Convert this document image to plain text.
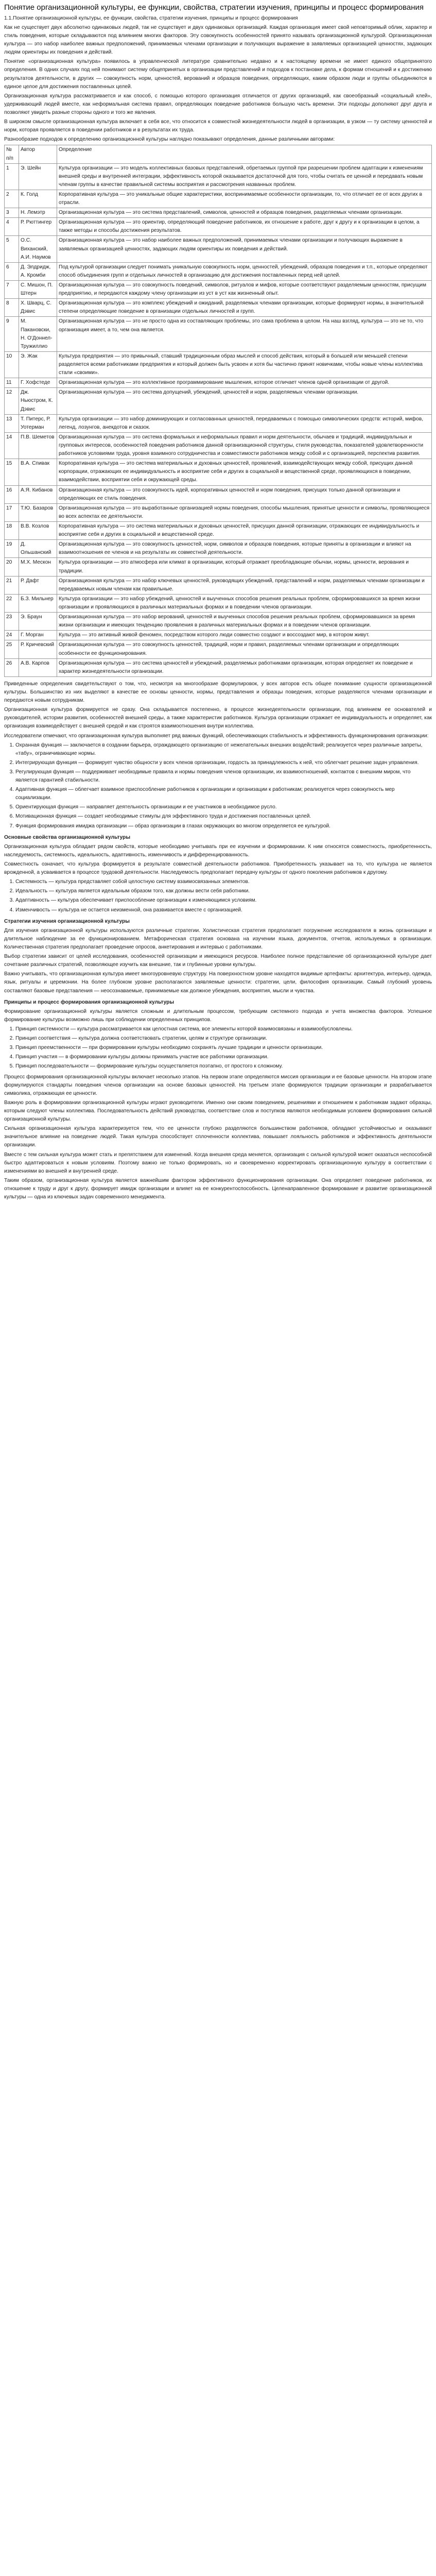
Понятие организационной культуры, ее функции, свойства, стратегии изучения, принципы и процесс формирования

1.1.Понятие организационной культуры, ее функции, свойства, стратегии изучения, принципы и процесс формирования

Как не существует двух абсолютно одинаковых людей, так не существует и двух одинаковых организаций. Каждая организация имеет свой неповторимый облик, характер и стиль поведения, которые складываются под влиянием многих факторов. Эту совокупность особенностей принято называть организационной культурой. Организационная культура — это набор наиболее важных предположений, принимаемых членами организации и получающих выражение в заявляемых организацией ценностях, задающих людям ориентиры их поведения и действий.

Понятие «организационная культура» появилось в управленческой литературе сравнительно недавно и к настоящему времени не имеет единого общепринятого определения. В одних случаях под ней понимают систему общепринятых в организации представлений и подходов к постановке дела, к формам отношений и к достижению результатов деятельности, в других — совокупность норм, ценностей, верований и образцов поведения, определяющих, каким образом люди и группы объединяются в единое целое для достижения поставленных целей.

Организационная культура рассматривается и как способ, с помощью которого организация отличается от других организаций, как своеобразный «социальный клей», удерживающий людей вместе, как неформальная система правил, определяющих поведение работников большую часть времени. Эти подходы дополняют друг друга и позволяют увидеть разные стороны одного и того же явления.

В широком смысле организационная культура включает в себя все, что относится к совместной жизнедеятельности людей в организации, в узком — ту систему ценностей и норм, которая проявляется в поведении работников и в результатах их труда.

Разнообразие подходов к определению организационной культуры наглядно показывают определения, данные различными авторами:

№ п/п	Автор	Определение
1	Э. Шейн	Культура организации — это модель коллективных базовых представлений, обретаемых группой при разрешении проблем адаптации к изменениям внешней среды и внутренней интеграции, эффективность которой оказывается достаточной для того, чтобы считать ее ценной и передавать новым членам группы в качестве правильной системы восприятия и рассмотрения названных проблем.
2	К. Голд	Корпоративная культура — это уникальные общие характеристики, воспринимаемые особенности организации, то, что отличает ее от всех других в отрасли.
3	Н. Лемэтр	Организационная культура — это система представлений, символов, ценностей и образцов поведения, разделяемых членами организации.
4	Р. Рюттингер	Организационная культура — это ориентир, определяющий поведение работников, их отношение к работе, друг к другу и к организации в целом, а также методы и способы достижения результатов.
5	О.С. Виханский, А.И. Наумов	Организационная культура — это набор наиболее важных предположений, принимаемых членами организации и получающих выражение в заявляемых организацией ценностях, задающих людям ориентиры их поведения и действий.
6	Д. Элдридж, А. Кромби	Под культурой организации следует понимать уникальную совокупность норм, ценностей, убеждений, образцов поведения и т.п., которые определяют способ объединения групп и отдельных личностей в организацию для достижения поставленных перед ней целей.
7	С. Мишон, П. Штерн	Организационная культура — это совокупность поведений, символов, ритуалов и мифов, которые соответствуют разделяемым ценностям, присущим предприятию, и передаются каждому члену организации из уст в уст как жизненный опыт.
8	Х. Шварц, С. Дэвис	Организационная культура — это комплекс убеждений и ожиданий, разделяемых членами организации, которые формируют нормы, в значительной степени определяющие поведение в организации отдельных личностей и групп.
9	М. Пакановски, Н. О'Доннел-Тружиллио	Организационная культура — это не просто одна из составляющих проблемы, это сама проблема в целом. На наш взгляд, культура — это не то, что организация имеет, а то, чем она является.
10	Э. Жак	Культура предприятия — это привычный, ставший традиционным образ мыслей и способ действия, который в большей или меньшей степени разделяется всеми работниками предприятия и который должен быть усвоен и хотя бы частично принят новичками, чтобы новые члены коллектива стали «своими».
11	Г. Хофстеде	Организационная культура — это коллективное программирование мышления, которое отличает членов одной организации от другой.
12	Дж. Ньюстром, К. Дэвис	Организационная культура — это система допущений, убеждений, ценностей и норм, разделяемых членами организации.
13	Т. Питерс, Р. Уотерман	Культура организации — это набор доминирующих и согласованных ценностей, передаваемых с помощью символических средств: историй, мифов, легенд, лозунгов, анекдотов и сказок.
14	П.В. Шеметов	Организационная культура — это система формальных и неформальных правил и норм деятельности, обычаев и традиций, индивидуальных и групповых интересов, особенностей поведения работников данной организационной структуры, стиля руководства, показателей удовлетворенности работников условиями труда, уровня взаимного сотрудничества и совместимости работников между собой и с организацией, перспектив развития.
15	В.А. Спивак	Корпоративная культура — это система материальных и духовных ценностей, проявлений, взаимодействующих между собой, присущих данной корпорации, отражающих ее индивидуальность и восприятие себя и других в социальной и вещественной среде, проявляющихся в поведении, взаимодействии, восприятии себя и окружающей среды.
16	А.Я. Кибанов	Организационная культура — это совокупность идей, корпоративных ценностей и норм поведения, присущих только данной организации и определяющих ее стиль поведения.
17	Т.Ю. Базаров	Организационная культура — это выработанные организацией нормы поведения, способы мышления, принятые ценности и символы, проявляющиеся во всех аспектах ее деятельности.
18	В.В. Козлов	Корпоративная культура — это система материальных и духовных ценностей, присущих данной организации, отражающих ее индивидуальность и восприятие себя и других в социальной и вещественной среде.
19	Д. Ольшанский	Организационная культура — это совокупность ценностей, норм, символов и образцов поведения, которые приняты в организации и влияют на взаимоотношения ее членов и на результаты их совместной деятельности.
20	М.Х. Мескон	Культура организации — это атмосфера или климат в организации, который отражает преобладающие обычаи, нормы, ценности, верования и традиции.
21	Р. Дафт	Организационная культура — это набор ключевых ценностей, руководящих убеждений, представлений и норм, разделяемых членами организации и передаваемых новым членам как правильные.
22	Б.З. Мильнер	Культура организации — это набор убеждений, ценностей и выученных способов решения реальных проблем, сформировавшихся за время жизни организации и проявляющихся в различных материальных формах и в поведении членов организации.
23	Э. Браун	Организационная культура — это набор верований, ценностей и выученных способов решения реальных проблем, сформировавшихся за время жизни организации и имеющих тенденцию проявления в различных материальных формах и в поведении членов организации.
24	Г. Морган	Культура — это активный живой феномен, посредством которого люди совместно создают и воссоздают мир, в котором живут.
25	Р. Кричевский	Организационная культура — это совокупность ценностей, традиций, норм и правил, разделяемых членами организации и определяющих особенности ее функционирования.
26	А.В. Карпов	Организационная культура — это система ценностей и убеждений, разделяемых работниками организации, которая определяет их поведение и характер жизнедеятельности организации.

Приведенные определения свидетельствуют о том, что, несмотря на многообразие формулировок, у всех авторов есть общее понимание сущности организационной культуры. Большинство из них выделяют в качестве ее основы ценности, нормы, представления и образцы поведения, которые разделяются членами организации и передаются новым сотрудникам.

Организационная культура формируется не сразу. Она складывается постепенно, в процессе жизнедеятельности организации, под влиянием ее основателей и руководителей, истории развития, особенностей внешней среды, а также характеристик работников. Культура организации отражает ее индивидуальность и определяет, как организация взаимодействует с внешней средой и как строятся взаимоотношения внутри коллектива.

Исследователи отмечают, что организационная культура выполняет ряд важных функций, обеспечивающих стабильность и эффективность функционирования организации:

1. Охранная функция — заключается в создании барьера, ограждающего организацию от нежелательных внешних воздействий; реализуется через различные запреты, «табу», ограничивающие нормы.
2. Интегрирующая функция — формирует чувство общности у всех членов организации, гордость за принадлежность к ней, что облегчает решение задач управления.
3. Регулирующая функция — поддерживает необходимые правила и нормы поведения членов организации, их взаимоотношений, контактов с внешним миром, что является гарантией стабильности.
4. Адаптивная функция — облегчает взаимное приспособление работников к организации и организации к работникам; реализуется через совокупность мер социализации.
5. Ориентирующая функция — направляет деятельность организации и ее участников в необходимое русло.
6. Мотивационная функция — создает необходимые стимулы для эффективного труда и достижения поставленных целей.
7. Функция формирования имиджа организации — образ организации в глазах окружающих во многом определяется ее культурой.

Основные свойства организационной культуры

Организационная культура обладает рядом свойств, которые необходимо учитывать при ее изучении и формировании. К ним относятся совместность, приобретенность, наследуемость, системность, идеальность, адаптивность, изменчивость и дифференцированность.

Совместность означает, что культура формируется в результате совместной деятельности работников. Приобретенность указывает на то, что культура не является врожденной, а усваивается в процессе трудовой деятельности. Наследуемость предполагает передачу культуры от одного поколения работников к другому.

1. Системность — культура представляет собой целостную систему взаимосвязанных элементов.
2. Идеальность — культура является идеальным образом того, как должны вести себя работники.
3. Адаптивность — культура обеспечивает приспособление организации к изменяющимся условиям.
4. Изменчивость — культура не остается неизменной, она развивается вместе с организацией.

Стратегии изучения организационной культуры

Для изучения организационной культуры используются различные стратегии. Холистическая стратегия предполагает погружение исследователя в жизнь организации и длительное наблюдение за ее функционированием. Метафорическая стратегия основана на изучении языка, документов, отчетов, используемых в организации. Количественная стратегия предполагает проведение опросов, анкетирования и интервью с работниками.

Выбор стратегии зависит от целей исследования, особенностей организации и имеющихся ресурсов. Наиболее полное представление об организационной культуре дает сочетание различных стратегий, позволяющее изучить как внешние, так и глубинные уровни культуры.

Важно учитывать, что организационная культура имеет многоуровневую структуру. На поверхностном уровне находятся видимые артефакты: архитектура, интерьер, одежда, язык, ритуалы и церемонии. На более глубоком уровне располагаются заявляемые ценности: стратегии, цели, философия организации. Самый глубокий уровень составляют базовые представления — неосознаваемые, принимаемые как должное убеждения, восприятия, мысли и чувства.

Принципы и процесс формирования организационной культуры

Формирование организационной культуры является сложным и длительным процессом, требующим системного подхода и учета множества факторов. Успешное формирование культуры возможно лишь при соблюдении определенных принципов.

1. Принцип системности — культура рассматривается как целостная система, все элементы которой взаимосвязаны и взаимообусловлены.
2. Принцип соответствия — культура должна соответствовать стратегии, целям и структуре организации.
3. Принцип преемственности — при формировании культуры необходимо сохранять лучшие традиции и ценности организации.
4. Принцип участия — в формировании культуры должны принимать участие все работники организации.
5. Принцип последовательности — формирование культуры осуществляется поэтапно, от простого к сложному.

Процесс формирования организационной культуры включает несколько этапов. На первом этапе определяются миссия организации и ее базовые ценности. На втором этапе формулируются стандарты поведения членов организации на основе базовых ценностей. На третьем этапе формируются традиции организации и разрабатывается символика, отражающая ее ценности.

Важную роль в формировании организационной культуры играют руководители. Именно они своим поведением, решениями и отношением к работникам задают образцы, которым следуют члены коллектива. Последовательность действий руководства, соответствие слов и поступков являются необходимым условием формирования сильной организационной культуры.

Сильная организационная культура характеризуется тем, что ее ценности глубоко разделяются большинством работников, обладают устойчивостью и оказывают значительное влияние на поведение людей. Такая культура способствует сплоченности коллектива, повышает лояльность работников и эффективность деятельности организации.

Вместе с тем сильная культура может стать и препятствием для изменений. Когда внешняя среда меняется, организация с сильной культурой может оказаться неспособной быстро адаптироваться к новым условиям. Поэтому важно не только формировать, но и своевременно корректировать организационную культуру в соответствии с изменениями во внешней и внутренней среде.

Таким образом, организационная культура является важнейшим фактором эффективного функционирования организации. Она определяет поведение работников, их отношение к труду и друг к другу, формирует имидж организации и влияет на ее конкурентоспособность. Целенаправленное формирование и развитие организационной культуры — одна из ключевых задач современного менеджмента.
